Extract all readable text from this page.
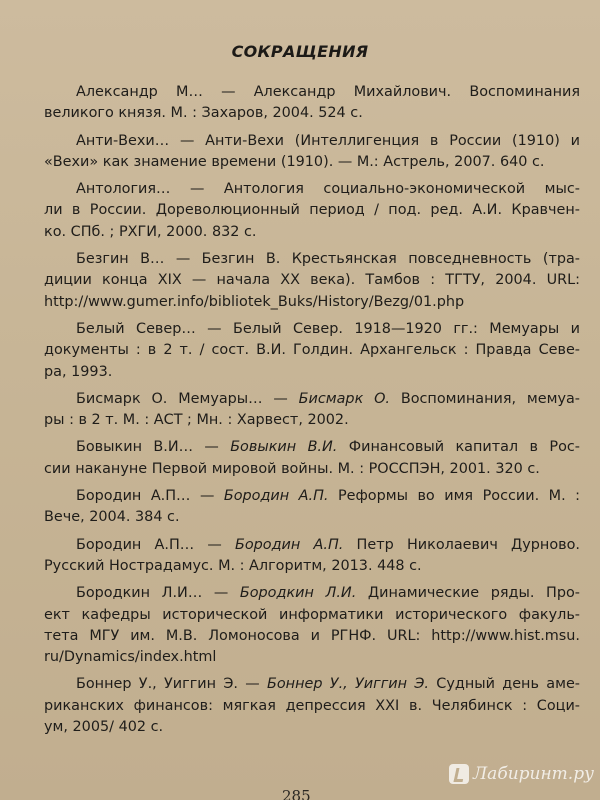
СОКРАЩЕНИЯ
Александр М… — Александр Михайлович. Воспоминания
великого князя. М. : Захаров, 2004. 524 с.
Анти-Вехи… — Анти-Вехи (Интеллигенция в России (1910) и
«Вехи» как знамение времени (1910). — М.: Астрель, 2007. 640 с.
Антология… — Антология социально-экономической мыс-
ли в России. Дореволюционный период / под. ред. А.И. Кравчен-
ко. СПб. ; РХГИ, 2000. 832 с.
Безгин В… — Безгин В. Крестьянская повседневность (тра-
диции конца XIX — начала XX века). Тамбов : ТГТУ, 2004. URL:
http://www.gumer.info/bibliotek_Buks/History/Bezg/01.php
Белый Север… — Белый Север. 1918—1920 гг.: Мемуары и
документы : в 2 т. / сост. В.И. Голдин. Архангельск : Правда Севе-
ра, 1993.
Бисмарк О. Мемуары… — Бисмарк О. Воспоминания, мемуа-
ры : в 2 т. М. : АСТ ; Мн. : Харвест, 2002.
Бовыкин В.И… — Бовыкин В.И. Финансовый капитал в Рос-
сии накануне Первой мировой войны. М. : РОССПЭН, 2001. 320 с.
Бородин А.П… — Бородин А.П. Реформы во имя России. М. :
Вече, 2004. 384 с.
Бородин А.П… — Бородин А.П. Петр Николаевич Дурново.
Русский Нострадамус. М. : Алгоритм, 2013. 448 с.
Бородкин Л.И… — Бородкин Л.И. Динамические ряды. Про-
ект кафедры исторической информатики исторического факуль-
тета МГУ им. М.В. Ломоносова и РГНФ. URL: http://www.hist.msu.
ru/Dynamics/index.html
Боннер У., Уиггин Э. — Боннер У., Уиггин Э. Судный день аме-
риканских финансов: мягкая депрессия XXI в. Челябинск : Соци-
ум, 2005/ 402 с.
285
Лабиринт.ру
